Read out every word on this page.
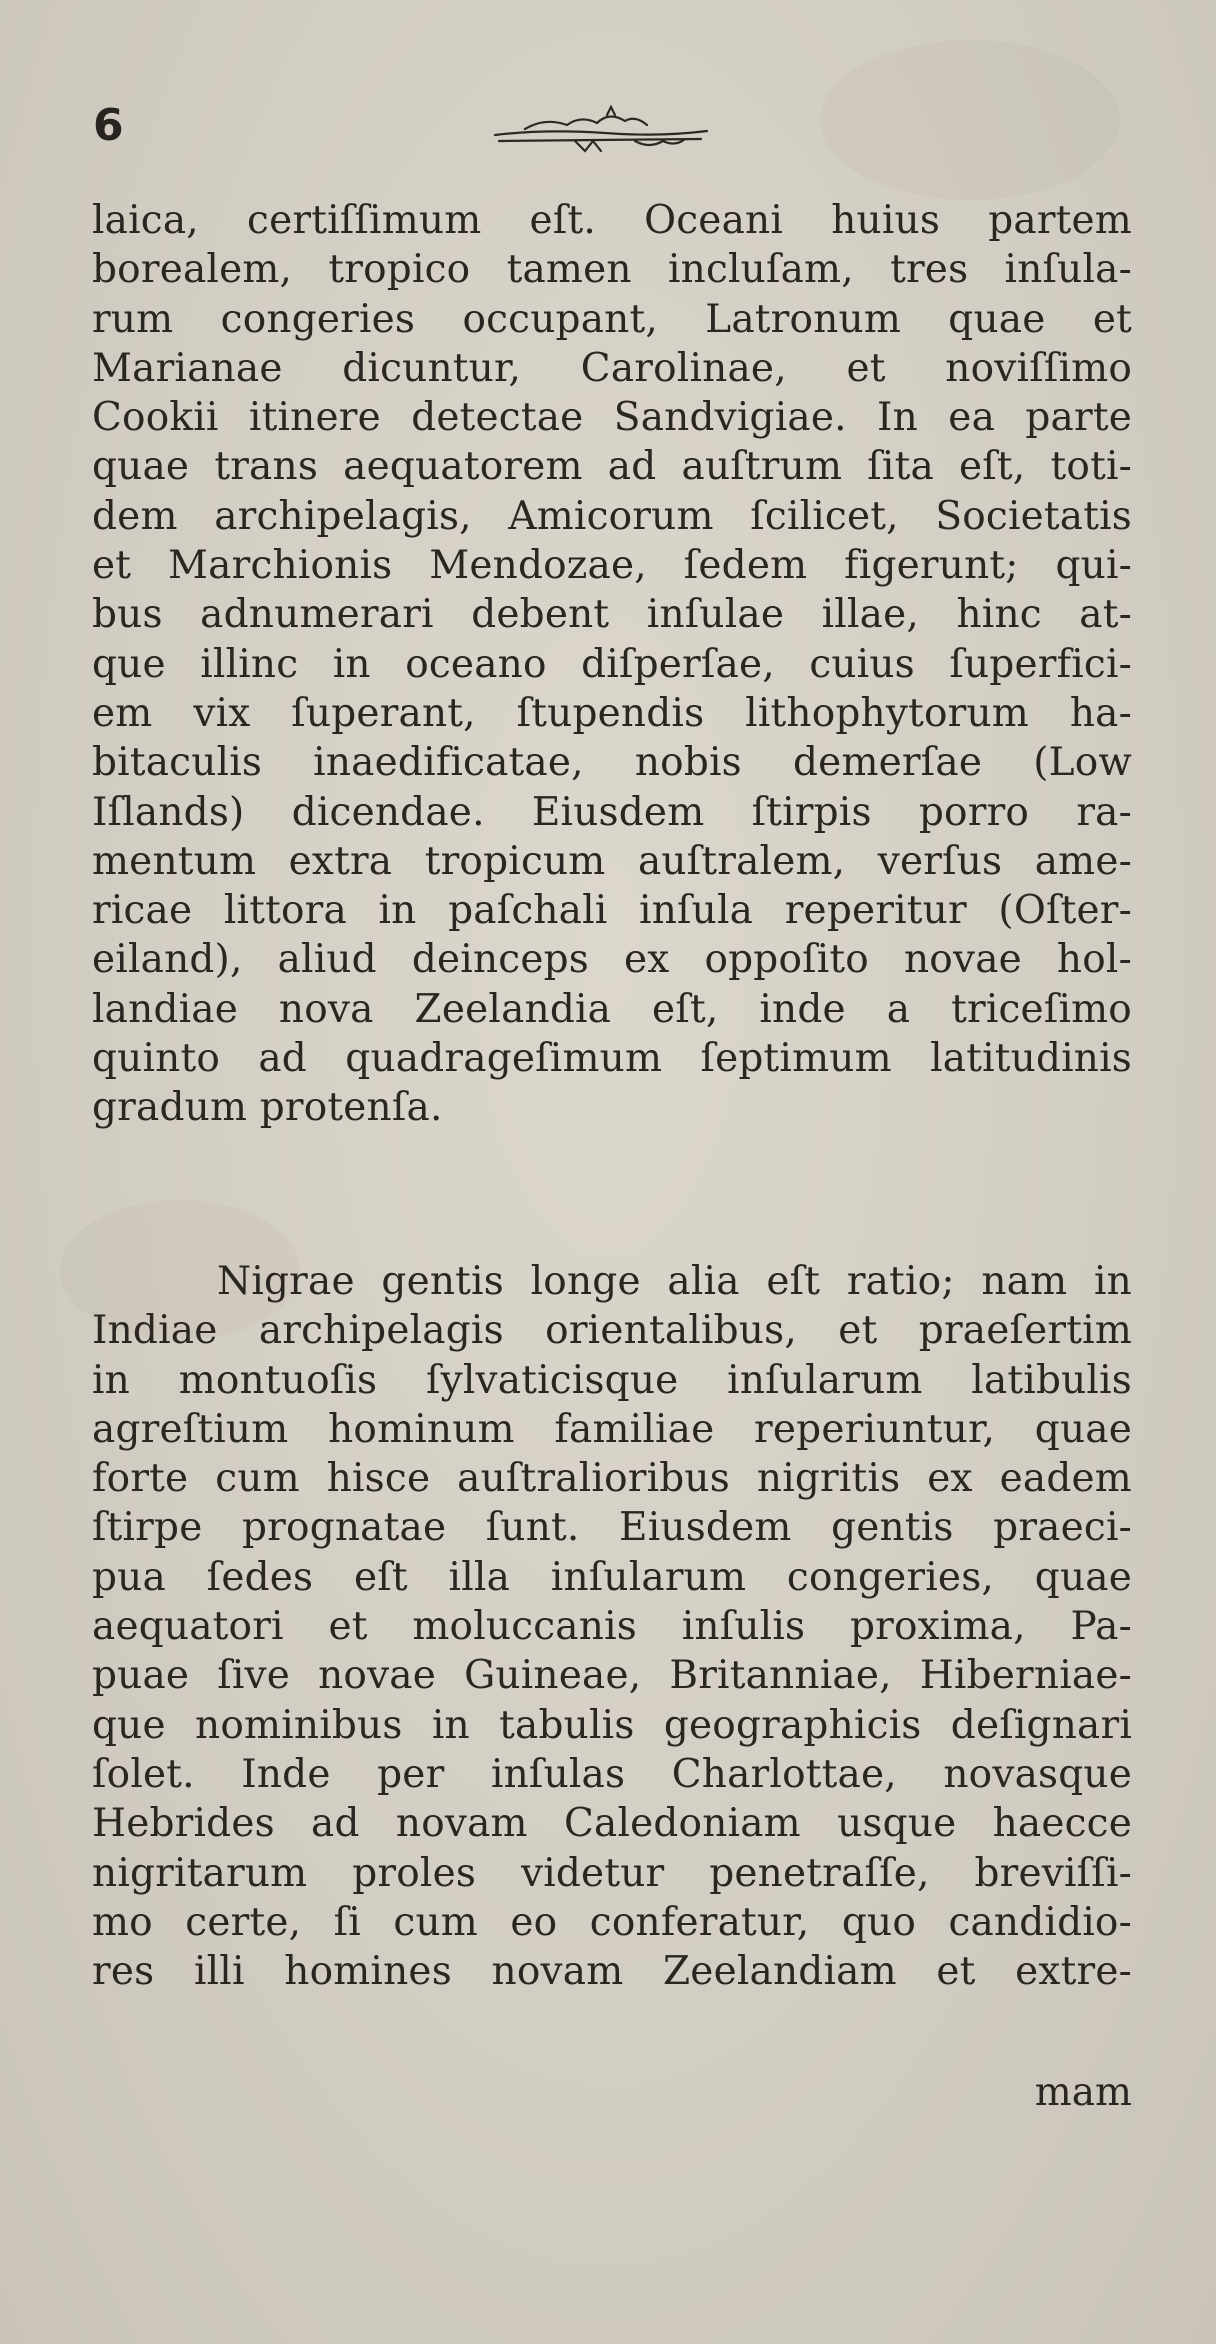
6
laica, certiſſimum eſt. Oceani huius partem
borealem, tropico tamen incluſam, tres inſula-
rum congeries occupant, Latronum quae et
Marianae dicuntur, Carolinae, et noviſſimo
Cookii itinere detectae Sandvigiae. In ea parte
quae trans aequatorem ad auſtrum ſita eſt, toti-
dem archipelagis, Amicorum ſcilicet, Societatis
et Marchionis Mendozae, ſedem figerunt; qui-
bus adnumerari debent inſulae illae, hinc at-
que illinc in oceano diſperſae, cuius ſuperfici-
em vix ſuperant, ſtupendis lithophytorum ha-
bitaculis inaedificatae, nobis demerſae (Low
Iſlands) dicendae. Eiusdem ſtirpis porro ra-
mentum extra tropicum auſtralem, verſus ame-
ricae littora in paſchali inſula reperitur (Oſter-
eiland), aliud deinceps ex oppoſito novae hol-
landiae nova Zeelandia eſt, inde a triceſimo
quinto ad quadrageſimum ſeptimum latitudinis
gradum protenſa.
Nigrae gentis longe alia eſt ratio; nam in
Indiae archipelagis orientalibus, et praeſertim
in montuoſis ſylvaticisque inſularum latibulis
agreſtium hominum familiae reperiuntur, quae
forte cum hisce auſtralioribus nigritis ex eadem
ſtirpe prognatae ſunt. Eiusdem gentis praeci-
pua ſedes eſt illa inſularum congeries, quae
aequatori et moluccanis inſulis proxima, Pa-
puae ſive novae Guineae, Britanniae, Hiberniae-
que nominibus in tabulis geographicis deſignari
ſolet. Inde per inſulas Charlottae, novasque
Hebrides ad novam Caledoniam usque haecce
nigritarum proles videtur penetraſſe, breviſſi-
mo certe, ſi cum eo conferatur, quo candidio-
res illi homines novam Zeelandiam et extre-
mam
